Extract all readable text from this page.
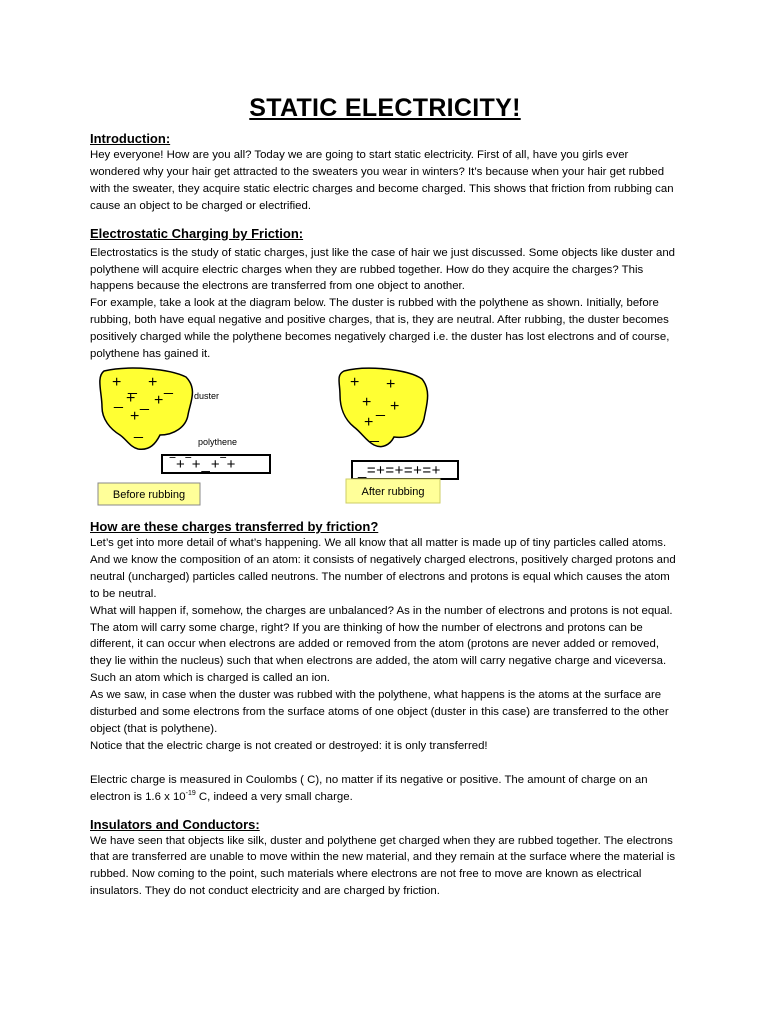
STATIC ELECTRICITY!
Introduction:

Hey everyone! How are you all? Today we are going to start static electricity. First of all, have you girls ever wondered why your hair get attracted to the sweaters you wear in winters? It’s because when your hair get rubbed with the sweater, they acquire static electric charges and become charged. This shows that friction from rubbing can cause an object to be charged or electrified.

Electrostatic Charging by Friction:

Electrostatics is the study of static charges, just like the case of hair we just discussed. Some objects like duster and polythene will acquire electric charges when they are rubbed together. How do they acquire the charges? This happens because the electrons are transferred from one object to another.

For example, take a look at the diagram below. The duster is rubbed with the polythene as shown. Initially, before rubbing, both have equal negative and positive charges, that is, they are neutral. After rubbing, the duster becomes positively charged while the polythene becomes negatively charged i.e. the duster has lost electrons and of course, polythene has gained it.

+ _ + _
_ + _ +
+
_
duster
polythene
‾+‾+_+‾+
Before rubbing
+ +
+ _ +
+
_
_=+=+=+=+
After rubbing
How are these charges transferred by friction?

Let’s get into more detail of what’s happening. We all know that all matter is made up of tiny particles called atoms. And we know the composition of an atom: it consists of negatively charged electrons, positively charged protons and neutral (uncharged) particles called neutrons. The number of electrons and protons is equal which causes the atom to be neutral.

What will happen if, somehow, the charges are unbalanced? As in the number of electrons and protons is not equal. The atom will carry some charge, right? If you are thinking of how the number of electrons and protons can be different, it can occur when electrons are added or removed from the atom (protons are never added or removed, they lie within the nucleus) such that when electrons are added, the atom will carry negative charge and viceversa. Such an atom which is charged is called an ion.

As we saw, in case when the duster was rubbed with the polythene, what happens is the atoms at the surface are disturbed and some electrons from the surface atoms of one object (duster in this case) are transferred to the other object (that is polythene).

Notice that the electric charge is not created or destroyed: it is only transferred!

Electric charge is measured in Coulombs ( C), no matter if its negative or positive. The amount of charge on an electron is 1.6 x $10^{-19}$ C, indeed a very small charge.

Insulators and Conductors:

We have seen that objects like silk, duster and polythene get charged when they are rubbed together. The electrons that are transferred are unable to move within the new material, and they remain at the surface where the material is rubbed. Now coming to the point, such materials where electrons are not free to move are known as electrical insulators. They do not conduct electricity and are charged by friction.
